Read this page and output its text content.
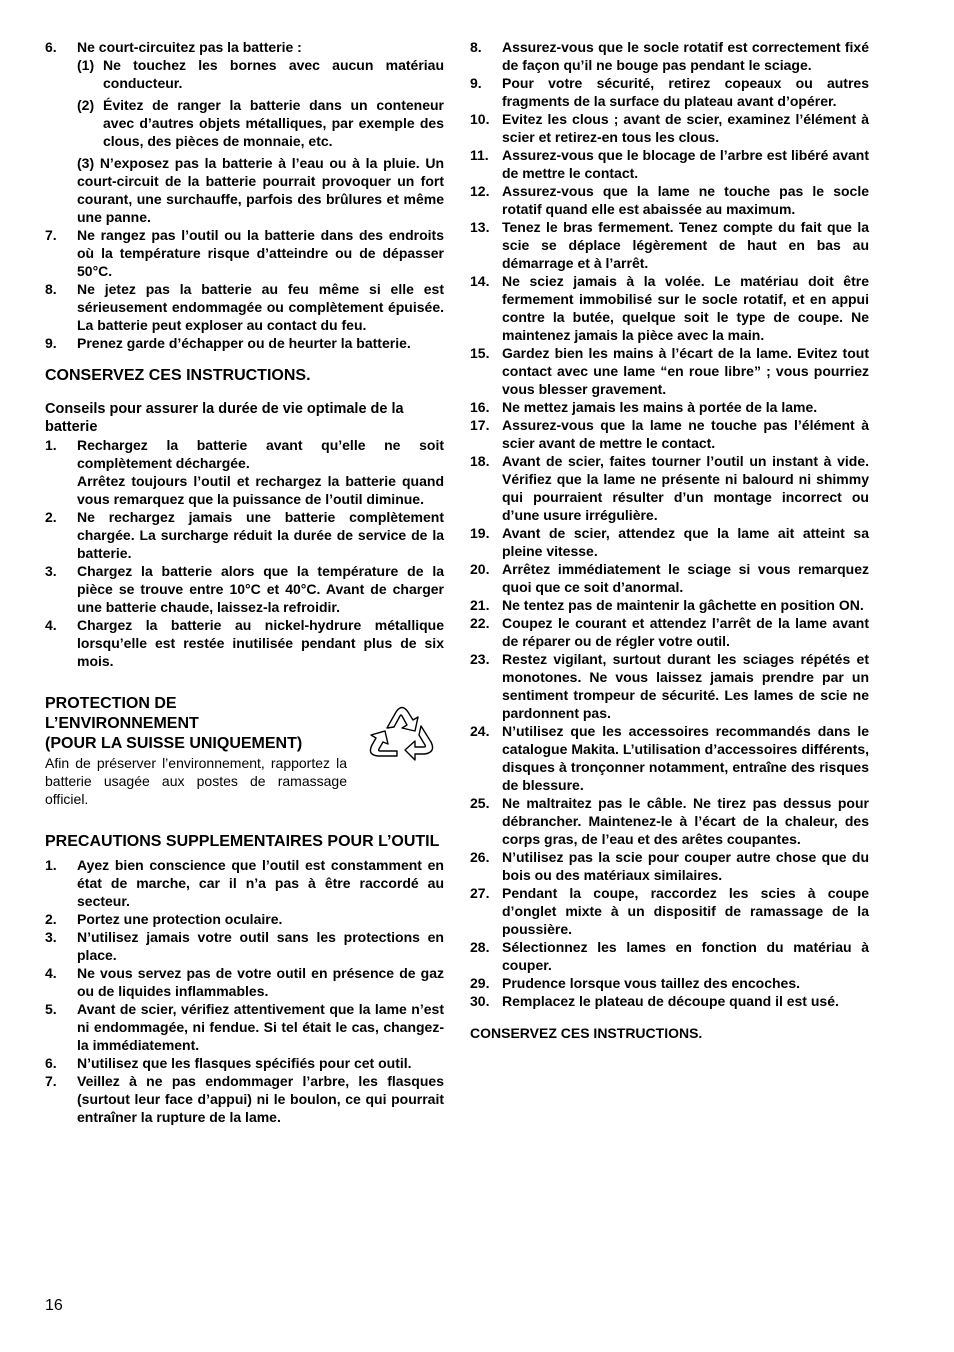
6.	Ne court-circuitez pas la batterie :
(1) Ne touchez les bornes avec aucun matériau conducteur.
(2) Évitez de ranger la batterie dans un conteneur avec d’autres objets métalliques, par exemple des clous, des pièces de monnaie, etc.
(3) N’exposez pas la batterie à l’eau ou à la pluie. Un court-circuit de la batterie pourrait provoquer un fort courant, une surchauffe, parfois des brûlures et même une panne.
7.	Ne rangez pas l’outil ou la batterie dans des endroits où la température risque d’atteindre ou de dépasser 50°C.
8.	Ne jetez pas la batterie au feu même si elle est sérieusement endommagée ou complètement épuisée. La batterie peut exploser au contact du feu.
9.	Prenez garde d’échapper ou de heurter la batterie.
CONSERVEZ CES INSTRUCTIONS.
Conseils pour assurer la durée de vie optimale de la batterie
1.	Rechargez la batterie avant qu’elle ne soit complètement déchargée.
Arrêtez toujours l’outil et rechargez la batterie quand vous remarquez que la puissance de l’outil diminue.
2.	Ne rechargez jamais une batterie complètement chargée. La surcharge réduit la durée de service de la batterie.
3.	Chargez la batterie alors que la température de la pièce se trouve entre 10°C et 40°C. Avant de charger une batterie chaude, laissez-la refroidir.
4.	Chargez la batterie au nickel-hydrure métallique lorsqu’elle est restée inutilisée pendant plus de six mois.
PROTECTION DE
L’ENVIRONNEMENT
(POUR LA SUISSE UNIQUEMENT)
Afin de préserver l’environnement, rapportez la batterie usagée aux postes de ramassage officiel.
PRECAUTIONS SUPPLEMENTAIRES POUR L’OUTIL
1.	Ayez bien conscience que l’outil est constamment en état de marche, car il n’a pas à être raccordé au secteur.
2.	Portez une protection oculaire.
3.	N’utilisez jamais votre outil sans les protections en place.
4.	Ne vous servez pas de votre outil en présence de gaz ou de liquides inflammables.
5.	Avant de scier, vérifiez attentivement que la lame n’est ni endommagée, ni fendue. Si tel était le cas, changez-la immédiatement.
6.	N’utilisez que les flasques spécifiés pour cet outil.
7.	Veillez à ne pas endommager l’arbre, les flasques (surtout leur face d’appui) ni le boulon, ce qui pourrait entraîner la rupture de la lame.
8.	Assurez-vous que le socle rotatif est correctement fixé de façon qu’il ne bouge pas pendant le sciage.
9.	Pour votre sécurité, retirez copeaux ou autres fragments de la surface du plateau avant d’opérer.
10. Evitez les clous ; avant de scier, examinez l’élément à scier et retirez-en tous les clous.
11. Assurez-vous que le blocage de l’arbre est libéré avant de mettre le contact.
12. Assurez-vous que la lame ne touche pas le socle rotatif quand elle est abaissée au maximum.
13. Tenez le bras fermement. Tenez compte du fait que la scie se déplace légèrement de haut en bas au démarrage et à l’arrêt.
14. Ne sciez jamais à la volée. Le matériau doit être fermement immobilisé sur le socle rotatif, et en appui contre la butée, quelque soit le type de coupe. Ne maintenez jamais la pièce avec la main.
15. Gardez bien les mains à l’écart de la lame. Evitez tout contact avec une lame “en roue libre” ; vous pourriez vous blesser gravement.
16. Ne mettez jamais les mains à portée de la lame.
17. Assurez-vous que la lame ne touche pas l’élément à scier avant de mettre le contact.
18. Avant de scier, faites tourner l’outil un instant à vide. Vérifiez que la lame ne présente ni balourd ni shimmy qui pourraient résulter d’un montage incorrect ou d’une usure irrégulière.
19. Avant de scier, attendez que la lame ait atteint sa pleine vitesse.
20. Arrêtez immédiatement le sciage si vous remarquez quoi que ce soit d’anormal.
21. Ne tentez pas de maintenir la gâchette en position ON.
22. Coupez le courant et attendez l’arrêt de la lame avant de réparer ou de régler votre outil.
23. Restez vigilant, surtout durant les sciages répétés et monotones. Ne vous laissez jamais prendre par un sentiment trompeur de sécurité. Les lames de scie ne pardonnent pas.
24. N’utilisez que les accessoires recommandés dans le catalogue Makita. L’utilisation d’accessoires différents, disques à tronçonner notamment, entraîne des risques de blessure.
25. Ne maltraitez pas le câble. Ne tirez pas dessus pour débrancher. Maintenez-le à l’écart de la chaleur, des corps gras, de l’eau et des arêtes coupantes.
26. N’utilisez pas la scie pour couper autre chose que du bois ou des matériaux similaires.
27. Pendant la coupe, raccordez les scies à coupe d’onglet mixte à un dispositif de ramassage de la poussière.
28. Sélectionnez les lames en fonction du matériau à couper.
29. Prudence lorsque vous taillez des encoches.
30. Remplacez le plateau de découpe quand il est usé.
CONSERVEZ CES INSTRUCTIONS.
16
